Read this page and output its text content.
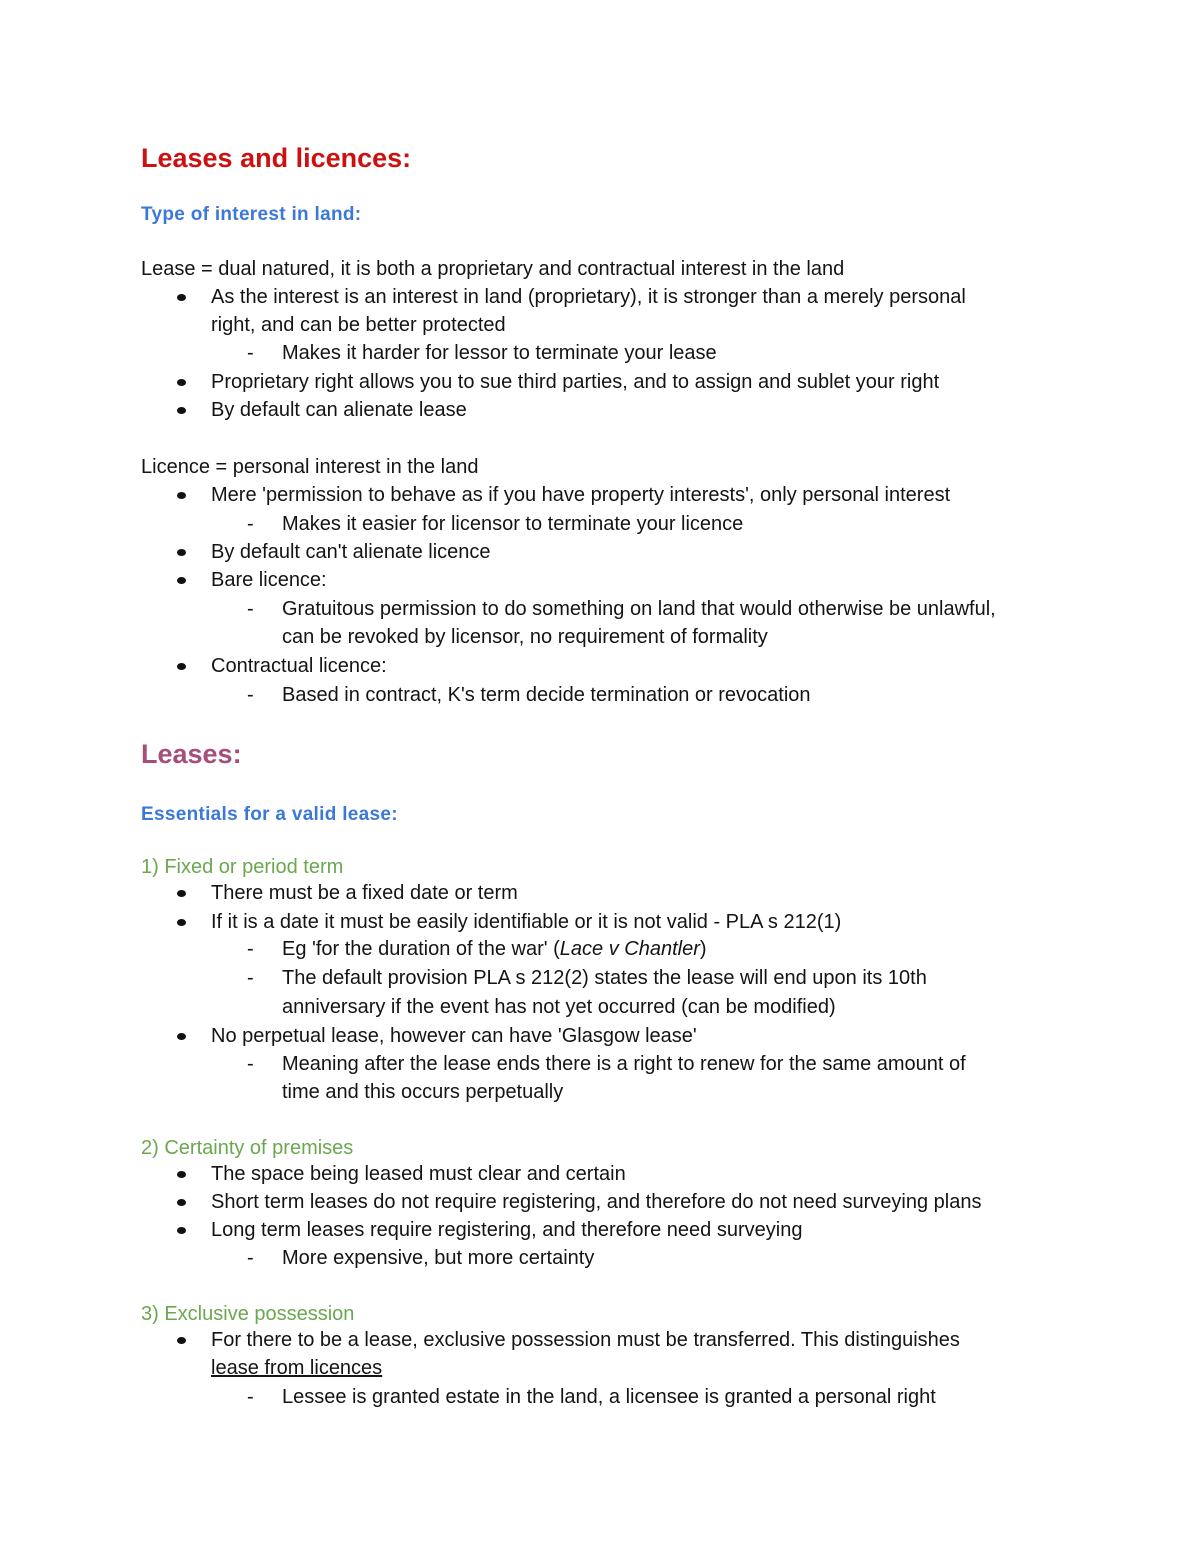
Leases and licences:
Type of interest in land:
Lease = dual natured, it is both a proprietary and contractual interest in the land
As the interest is an interest in land (proprietary), it is stronger than a merely personal
right, and can be better protected
- Makes it harder for lessor to terminate your lease
Proprietary right allows you to sue third parties, and to assign and sublet your right
By default can alienate lease
Licence = personal interest in the land
Mere 'permission to behave as if you have property interests', only personal interest
- Makes it easier for licensor to terminate your licence
By default can't alienate licence
Bare licence:
- Gratuitous permission to do something on land that would otherwise be unlawful,
can be revoked by licensor, no requirement of formality
Contractual licence:
- Based in contract, K's term decide termination or revocation
Leases:
Essentials for a valid lease:
1) Fixed or period term
There must be a fixed date or term
If it is a date it must be easily identifiable or it is not valid - PLA s 212(1)
- Eg 'for the duration of the war' (Lace v Chantler)
- The default provision PLA s 212(2) states the lease will end upon its 10th
anniversary if the event has not yet occurred (can be modified)
No perpetual lease, however can have 'Glasgow lease'
- Meaning after the lease ends there is a right to renew for the same amount of
time and this occurs perpetually
2) Certainty of premises
The space being leased must clear and certain
Short term leases do not require registering, and therefore do not need surveying plans
Long term leases require registering, and therefore need surveying
- More expensive, but more certainty
3) Exclusive possession
For there to be a lease, exclusive possession must be transferred. This distinguishes
lease from licences
- Lessee is granted estate in the land, a licensee is granted a personal right
